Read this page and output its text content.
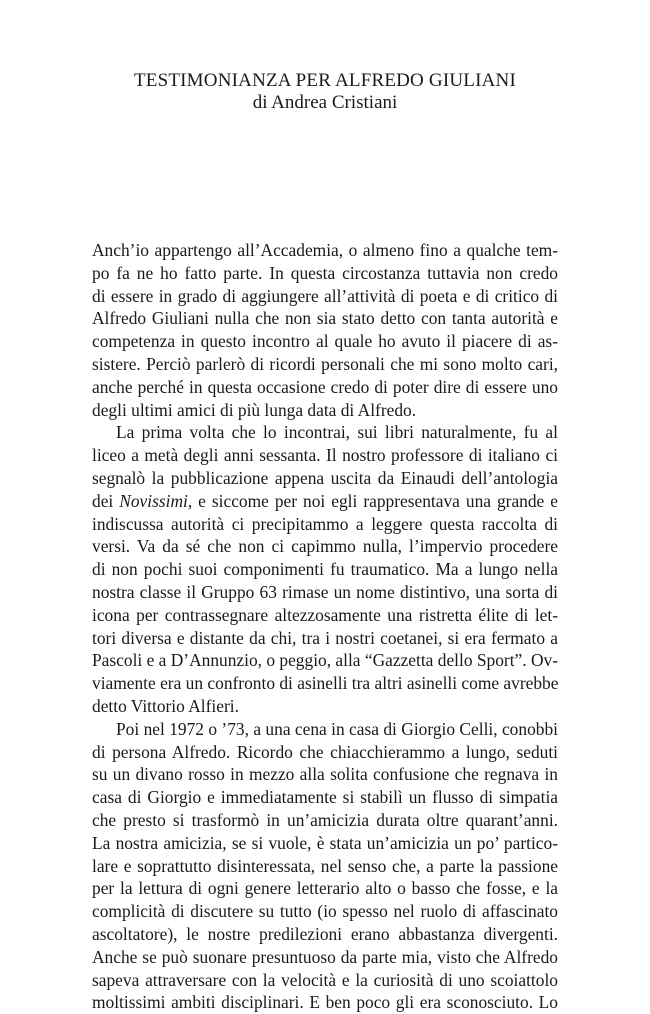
TESTIMONIANZA PER ALFREDO GIULIANI
di Andrea Cristiani
Anch’io appartengo all’Accademia, o almeno fino a qualche tem-
po fa ne ho fatto parte. In questa circostanza tuttavia non credo
di essere in grado di aggiungere all’attività di poeta e di critico di
Alfredo Giuliani nulla che non sia stato detto con tanta autorità e
competenza in questo incontro al quale ho avuto il piacere di as-
sistere. Perciò parlerò di ricordi personali che mi sono molto cari,
anche perché in questa occasione credo di poter dire di essere uno
degli ultimi amici di più lunga data di Alfredo.
La prima volta che lo incontrai, sui libri naturalmente, fu al
liceo a metà degli anni sessanta. Il nostro professore di italiano ci
segnalò la pubblicazione appena uscita da Einaudi dell’antologia
dei Novissimi, e siccome per noi egli rappresentava una grande e
indiscussa autorità ci precipitammo a leggere questa raccolta di
versi. Va da sé che non ci capimmo nulla, l’impervio procedere
di non pochi suoi componimenti fu traumatico. Ma a lungo nella
nostra classe il Gruppo 63 rimase un nome distintivo, una sorta di
icona per contrassegnare altezzosamente una ristretta élite di let-
tori diversa e distante da chi, tra i nostri coetanei, si era fermato a
Pascoli e a D’Annunzio, o peggio, alla “Gazzetta dello Sport”. Ov-
viamente era un confronto di asinelli tra altri asinelli come avrebbe
detto Vittorio Alfieri.
Poi nel 1972 o ’73, a una cena in casa di Giorgio Celli, conobbi
di persona Alfredo. Ricordo che chiacchierammo a lungo, seduti
su un divano rosso in mezzo alla solita confusione che regnava in
casa di Giorgio e immediatamente si stabilì un flusso di simpatia
che presto si trasformò in un’amicizia durata oltre quarant’anni.
La nostra amicizia, se si vuole, è stata un’amicizia un po’ partico-
lare e soprattutto disinteressata, nel senso che, a parte la passione
per la lettura di ogni genere letterario alto o basso che fosse, e la
complicità di discutere su tutto (io spesso nel ruolo di affascinato
ascoltatore), le nostre predilezioni erano abbastanza divergenti.
Anche se può suonare presuntuoso da parte mia, visto che Alfredo
sapeva attraversare con la velocità e la curiosità di uno scoiattolo
moltissimi ambiti disciplinari. E ben poco gli era sconosciuto. Lo
